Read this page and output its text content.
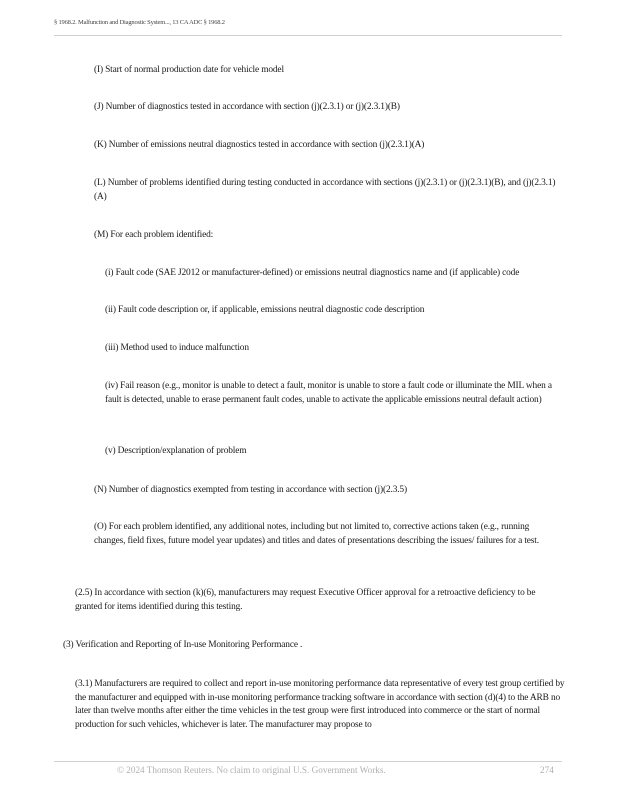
§ 1968.2. Malfunction and Diagnostic System..., 13 CA ADC § 1968.2

(I) Start of normal production date for vehicle model

(J) Number of diagnostics tested in accordance with section (j)(2.3.1) or (j)(2.3.1)(B)

(K) Number of emissions neutral diagnostics tested in accordance with section (j)(2.3.1)(A)

(L) Number of problems identified during testing conducted in accordance with sections (j)(2.3.1) or (j)(2.3.1)(B), and (j)(2.3.1)(A)

(M) For each problem identified:

(i) Fault code (SAE J2012 or manufacturer-defined) or emissions neutral diagnostics name and (if applicable) code

(ii) Fault code description or, if applicable, emissions neutral diagnostic code description

(iii) Method used to induce malfunction

(iv) Fail reason (e.g., monitor is unable to detect a fault, monitor is unable to store a fault code or illuminate the MIL when a fault is detected, unable to erase permanent fault codes, unable to activate the applicable emissions neutral default action)

(v) Description/explanation of problem

(N) Number of diagnostics exempted from testing in accordance with section (j)(2.3.5)

(O) For each problem identified, any additional notes, including but not limited to, corrective actions taken (e.g., running changes, field fixes, future model year updates) and titles and dates of presentations describing the issues/ failures for a test.

(2.5) In accordance with section (k)(6), manufacturers may request Executive Officer approval for a retroactive deficiency to be granted for items identified during this testing.

(3) Verification and Reporting of In-use Monitoring Performance .

(3.1) Manufacturers are required to collect and report in-use monitoring performance data representative of every test group certified by the manufacturer and equipped with in-use monitoring performance tracking software in accordance with section (d)(4) to the ARB no later than twelve months after either the time vehicles in the test group were first introduced into commerce or the start of normal production for such vehicles, whichever is later. The manufacturer may propose to

© 2024 Thomson Reuters. No claim to original U.S. Government Works.	274
